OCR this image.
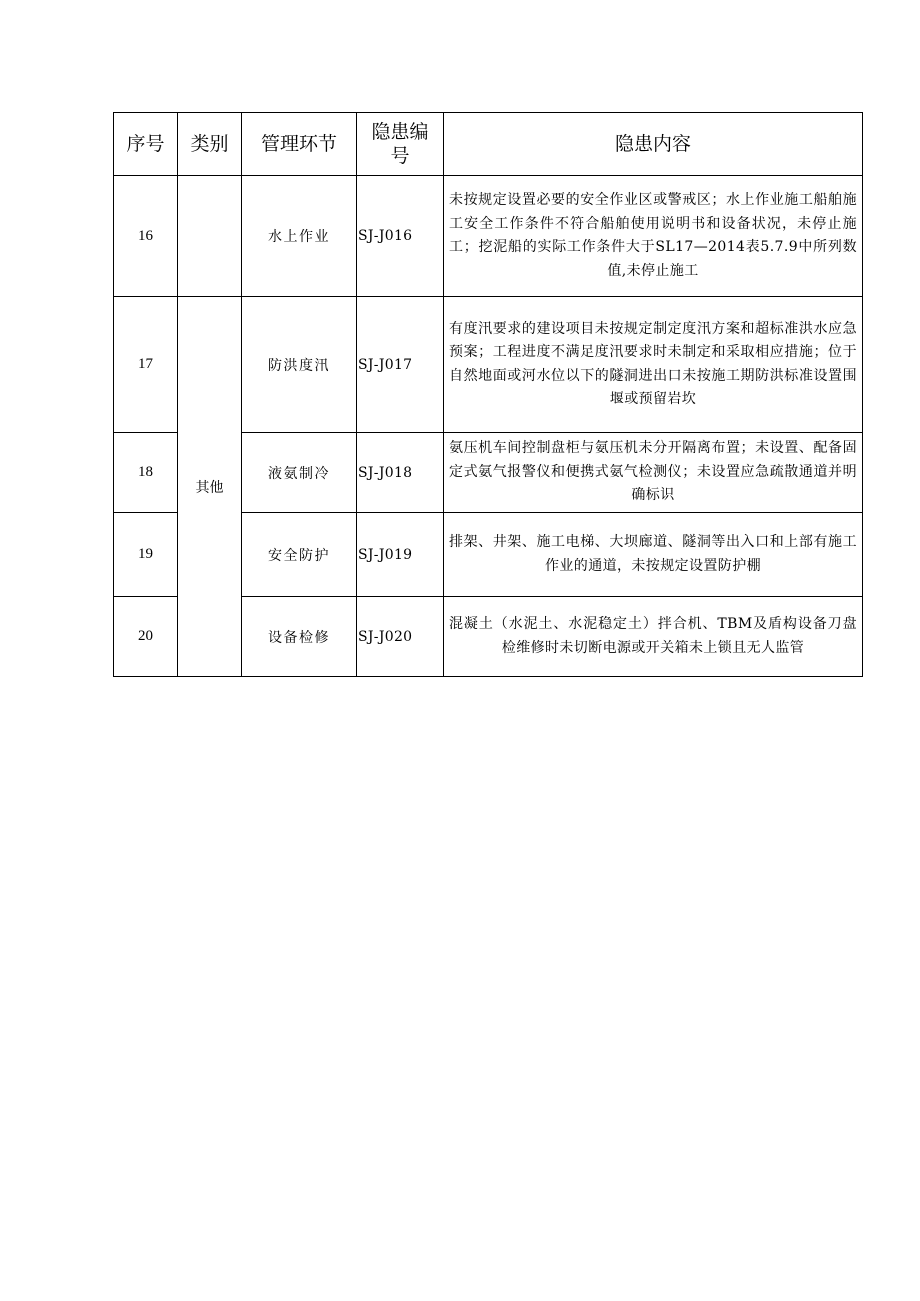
序号	类别	管理环节	隐患编号	隐患内容
16		水上作业	SJ-J016	未按规定设置必要的安全作业区或警戒区；水上作业施工船舶施工安全工作条件不符合船舶使用说明书和设备状况，未停止施工；挖泥船的实际工作条件大于SL17—2014表5.7.9中所列数值,未停止施工
17	其他	防洪度汛	SJ-J017	有度汛要求的建设项目未按规定制定度汛方案和超标准洪水应急预案；工程进度不满足度汛要求时未制定和采取相应措施；位于自然地面或河水位以下的隧洞进出口未按施工期防洪标准设置围堰或预留岩坎
18		液氨制冷	SJ-J018	氨压机车间控制盘柜与氨压机未分开隔离布置；未设置、配备固定式氨气报警仪和便携式氨气检测仪；未设置应急疏散通道并明确标识
19		安全防护	SJ-J019	排架、井架、施工电梯、大坝廊道、隧洞等出入口和上部有施工作业的通道，未按规定设置防护棚
20		设备检修	SJ-J020	混凝土（水泥土、水泥稳定土）拌合机、TBM及盾构设备刀盘检维修时未切断电源或开关箱未上锁且无人监管
